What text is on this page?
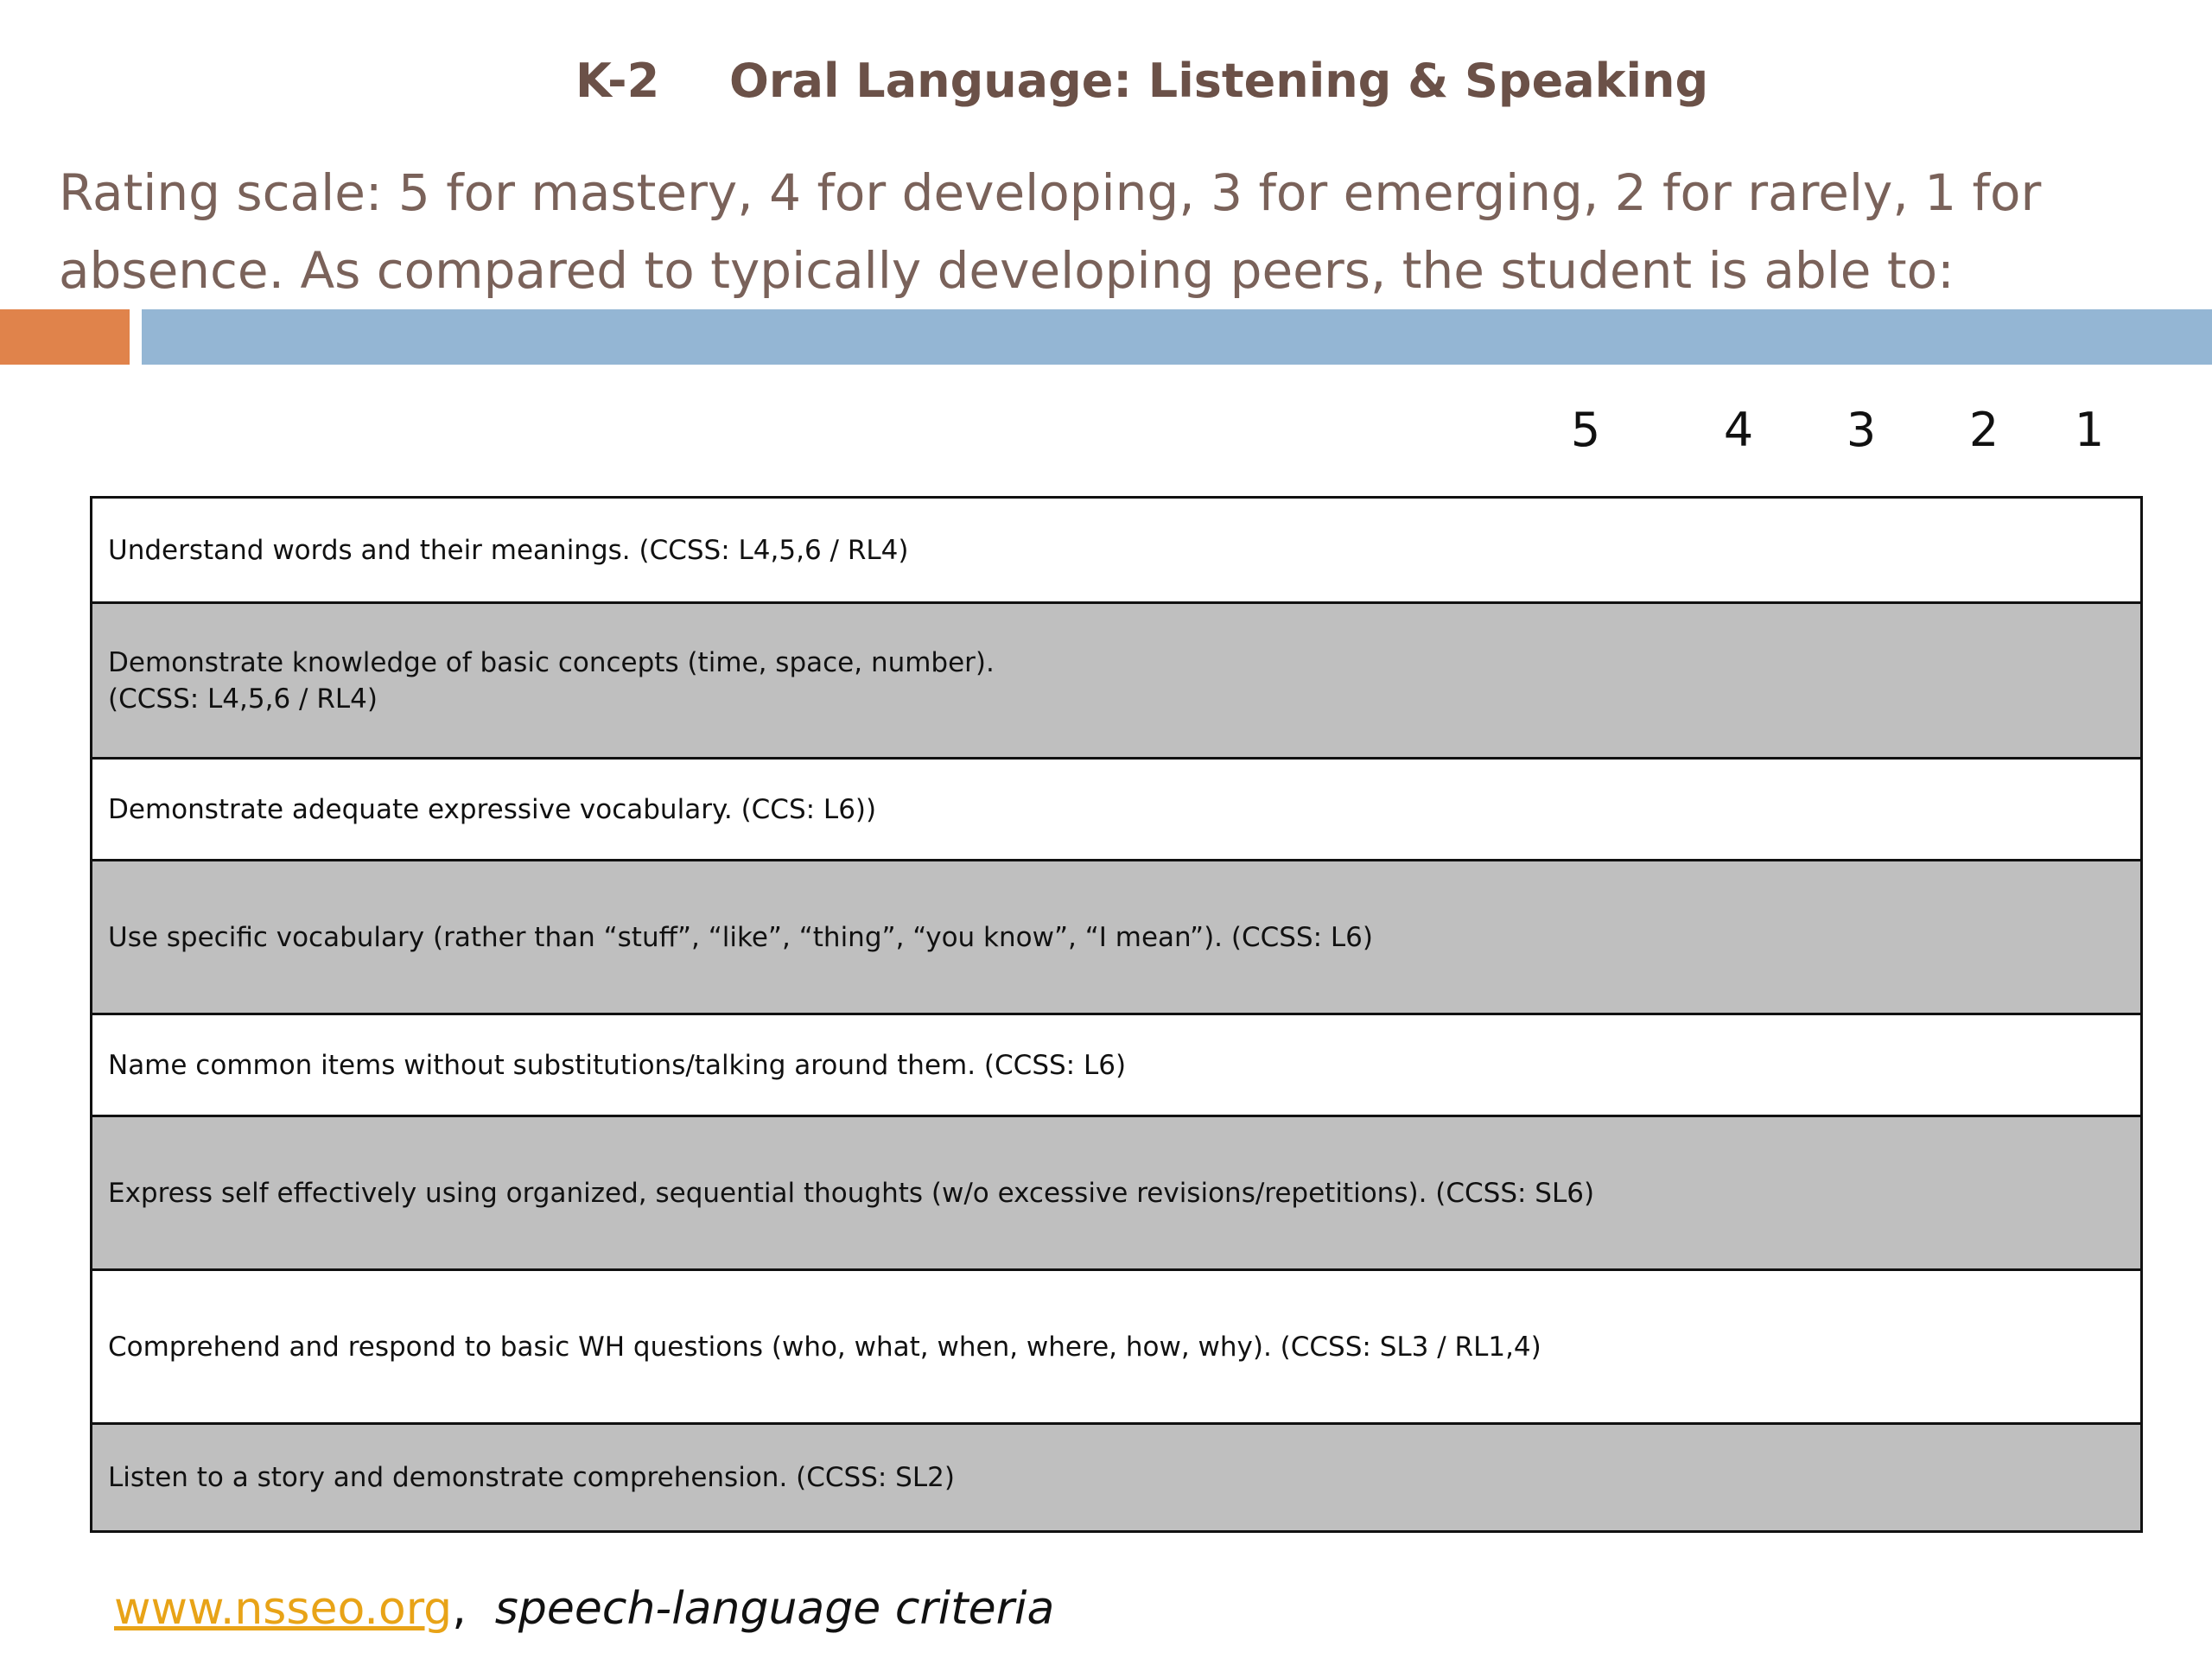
K-2 Oral Language: Listening & Speaking
Rating scale: 5 for mastery, 4 for developing, 3 for emerging, 2 for rarely, 1 for
absence. As compared to typically developing peers, the student is able to:
5	4 3 2 1
Understand words and their meanings. (CCSS: L4,5,6 / RL4)
Demonstrate knowledge of basic concepts (time, space, number).
(CCSS: L4,5,6 / RL4)
Demonstrate adequate expressive vocabulary. (CCS: L6))
Use specific vocabulary (rather than “stuff”, “like”, “thing”, “you know”, “I mean”). (CCSS: L6)
Name common items without substitutions/talking around them. (CCSS: L6)
Express self effectively using organized, sequential thoughts (w/o excessive revisions/repetitions). (CCSS: SL6)
Comprehend and respond to basic WH questions (who, what, when, where, how, why). (CCSS: SL3 / RL1,4)
Listen to a story and demonstrate comprehension. (CCSS: SL2)
www.nsseo.org, speech-language criteria
